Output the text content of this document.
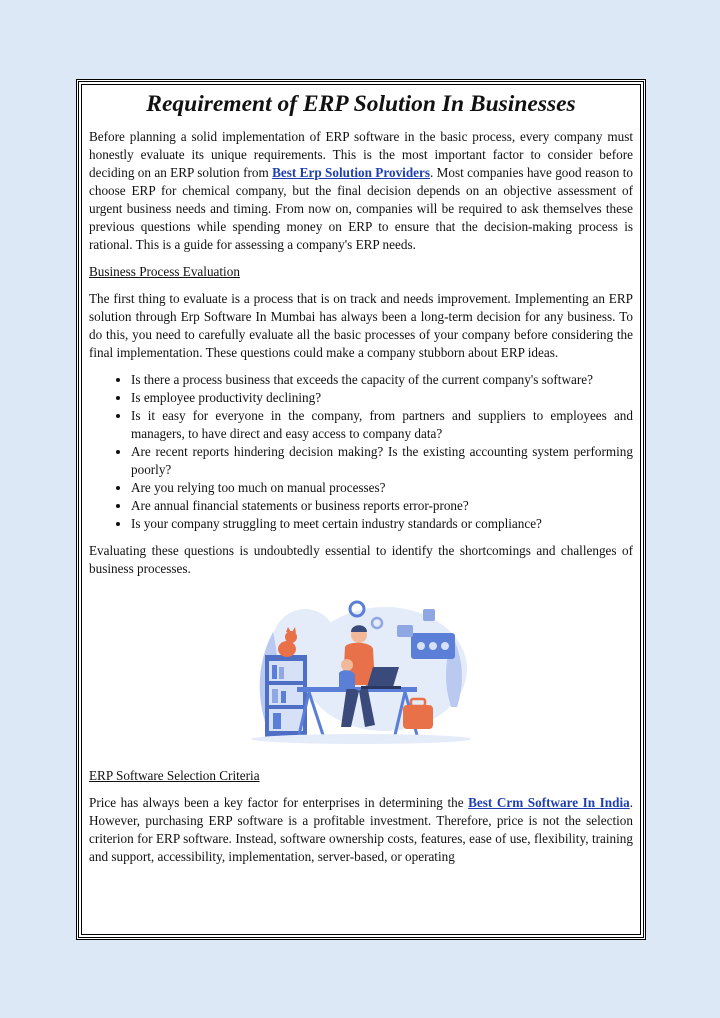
Requirement of ERP Solution In Businesses

Before planning a solid implementation of ERP software in the basic process, every company must honestly evaluate its unique requirements. This is the most important factor to consider before deciding on an ERP solution from Best Erp Solution Providers. Most companies have good reason to choose ERP for chemical company, but the final decision depends on an objective assessment of urgent business needs and timing. From now on, companies will be required to ask themselves these previous questions while spending money on ERP to ensure that the decision-making process is rational. This is a guide for assessing a company's ERP needs.

Business Process Evaluation

The first thing to evaluate is a process that is on track and needs improvement. Implementing an ERP solution through Erp Software In Mumbai has always been a long-term decision for any business. To do this, you need to carefully evaluate all the basic processes of your company before considering the final implementation. These questions could make a company stubborn about ERP ideas.

• Is there a process business that exceeds the capacity of the current company's software?
• Is employee productivity declining?
• Is it easy for everyone in the company, from partners and suppliers to employees and managers, to have direct and easy access to company data?
• Are recent reports hindering decision making? Is the existing accounting system performing poorly?
• Are you relying too much on manual processes?
• Are annual financial statements or business reports error-prone?
• Is your company struggling to meet certain industry standards or compliance?

Evaluating these questions is undoubtedly essential to identify the shortcomings and challenges of business processes.

ERP Software Selection Criteria

Price has always been a key factor for enterprises in determining the Best Crm Software In India. However, purchasing ERP software is a profitable investment. Therefore, price is not the selection criterion for ERP software. Instead, software ownership costs, features, ease of use, flexibility, training and support, accessibility, implementation, server-based, or operating
